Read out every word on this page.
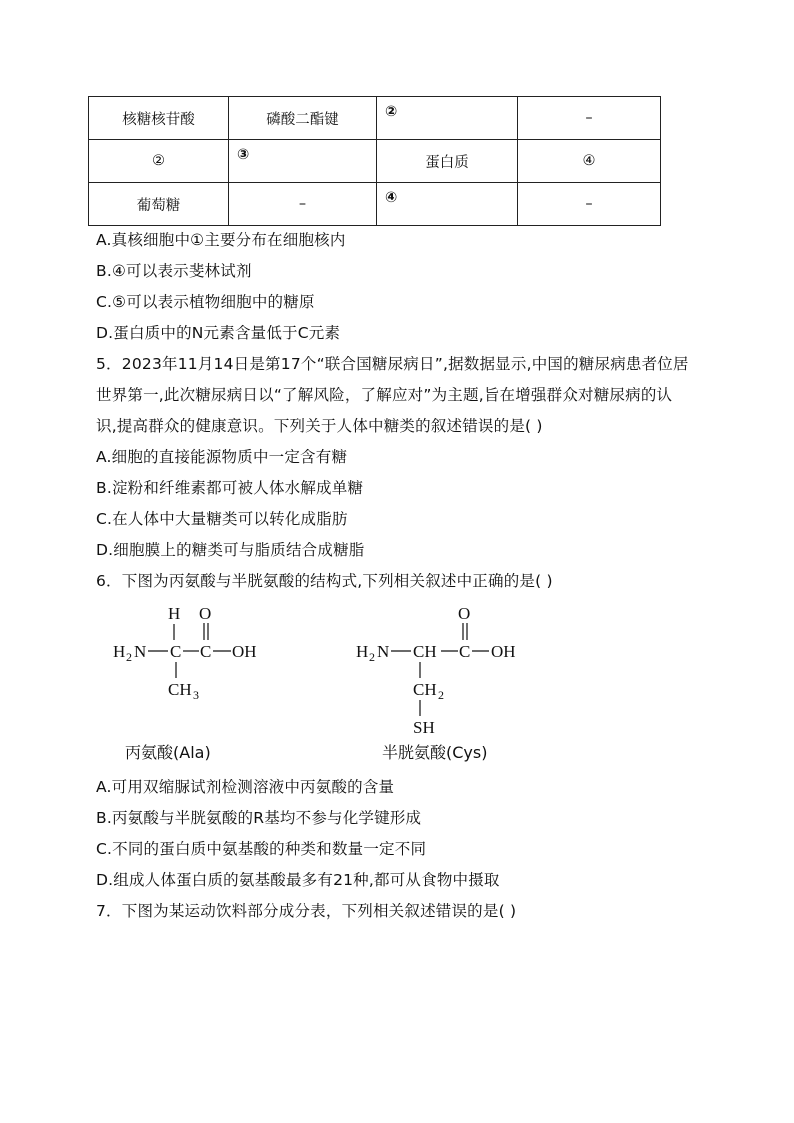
核糖核苷酸	磷酸二酯键	②	–
②	③	蛋白质	④
葡萄糖	–	④	–
A.真核细胞中①主要分布在细胞核内
B.④可以表示斐林试剂
C.⑤可以表示植物细胞中的糖原
D.蛋白质中的N元素含量低于C元素
5．2023年11月14日是第17个“联合国糖尿病日”,据数据显示,中国的糖尿病患者位居
世界第一,此次糖尿病日以“了解风险，了解应对”为主题,旨在增强群众对糖尿病的认
识,提高群众的健康意识。下列关于人体中糖类的叙述错误的是( )
A.细胞的直接能源物质中一定含有糖
B.淀粉和纤维素都可被人体水解成单糖
C.在人体中大量糖类可以转化成脂肪
D.细胞膜上的糖类可与脂质结合成糖脂
6．下图为丙氨酸与半胱氨酸的结构式,下列相关叙述中正确的是( )
H O
H 2 N C C OH
CH 3
丙氨酸(Ala)
O
H 2 N CH C OH
CH 2
SH
半胱氨酸(Cys)
A.可用双缩脲试剂检测溶液中丙氨酸的含量
B.丙氨酸与半胱氨酸的R基均不参与化学键形成
C.不同的蛋白质中氨基酸的种类和数量一定不同
D.组成人体蛋白质的氨基酸最多有21种,都可从食物中摄取
7．下图为某运动饮料部分成分表，下列相关叙述错误的是( )
